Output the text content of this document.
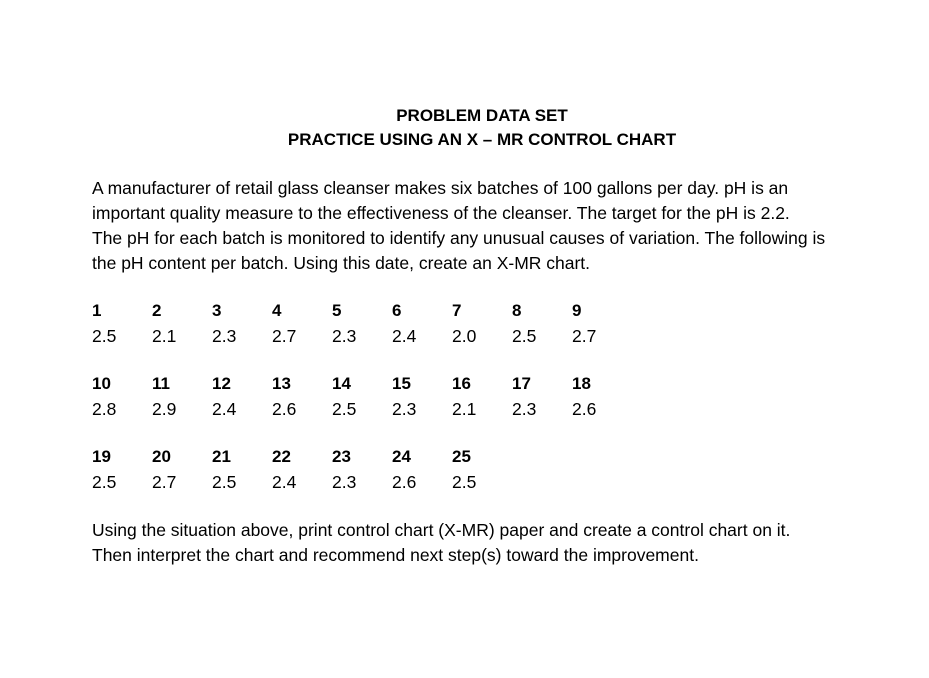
PROBLEM DATA SET
PRACTICE USING AN X – MR CONTROL CHART
A manufacturer of retail glass cleanser makes six batches of 100 gallons per day. pH is an
important quality measure to the effectiveness of the cleanser. The target for the pH is 2.2.
The pH for each batch is monitored to identify any unusual causes of variation. The following is
the pH content per batch. Using this date, create an X-MR chart.
1
2.5
2
2.1
3
2.3
4
2.7
5
2.3
6
2.4
7
2.0
8
2.5
9
2.7
10
2.8
11
2.9
12
2.4
13
2.6
14
2.5
15
2.3
16
2.1
17
2.3
18
2.6
19
2.5
20
2.7
21
2.5
22
2.4
23
2.3
24
2.6
25
2.5
Using the situation above, print control chart (X-MR) paper and create a control chart on it.
Then interpret the chart and recommend next step(s) toward the improvement.
